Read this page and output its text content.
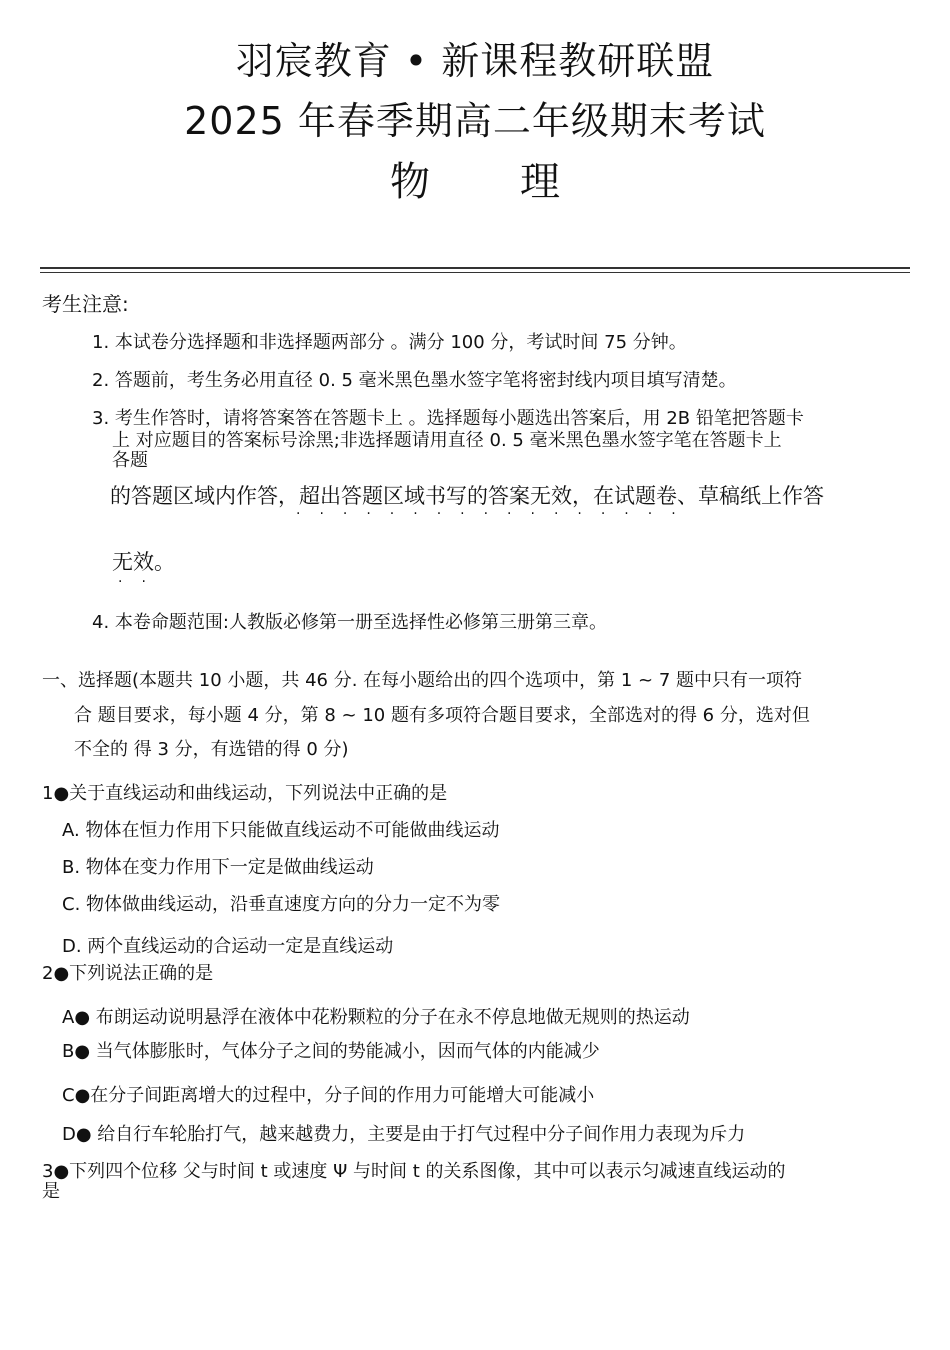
羽宸教育 • 新课程教研联盟
2025 年春季期高二年级期末考试
物理
考生注意:
1. 本试卷分选择题和非选择题两部分 。满分 100 分，考试时间 75 分钟。
2. 答题前，考生务必用直径 0. 5 毫米黑色墨水签字笔将密封线内项目填写清楚。
3. 考生作答时，请将答案答在答题卡上 。选择题每小题选出答案后，用 2B 铅笔把答题卡
上 对应题目的答案标号涂黑;非选择题请用直径 0. 5 毫米黑色墨水签字笔在答题卡上
各题
的答题区域内作答，超出答题区域书写的答案无效，在试题卷、草稿纸上作答
·················
无效。
··
4. 本卷命题范围:人教版必修第一册至选择性必修第三册第三章。
一、选择题(本题共 10 小题，共 46 分. 在每小题给出的四个选项中，第 1 ~ 7 题中只有一项符
合 题目要求，每小题 4 分，第 8 ~ 10 题有多项符合题目要求，全部选对的得 6 分，选对但
不全的 得 3 分，有选错的得 0 分)
1●关于直线运动和曲线运动，下列说法中正确的是
A. 物体在恒力作用下只能做直线运动不可能做曲线运动
B. 物体在变力作用下一定是做曲线运动
C. 物体做曲线运动，沿垂直速度方向的分力一定不为零
D. 两个直线运动的合运动一定是直线运动
2●下列说法正确的是
A● 布朗运动说明悬浮在液体中花粉颗粒的分子在永不停息地做无规则的热运动
B● 当气体膨胀时，气体分子之间的势能减小，因而气体的内能减少
C●在分子间距离增大的过程中，分子间的作用力可能增大可能减小
D● 给自行车轮胎打气，越来越费力，主要是由于打气过程中分子间作用力表现为斥力
3●下列四个位移 父与时间 t 或速度 Ψ 与时间 t 的关系图像，其中可以表示匀减速直线运动的
是
